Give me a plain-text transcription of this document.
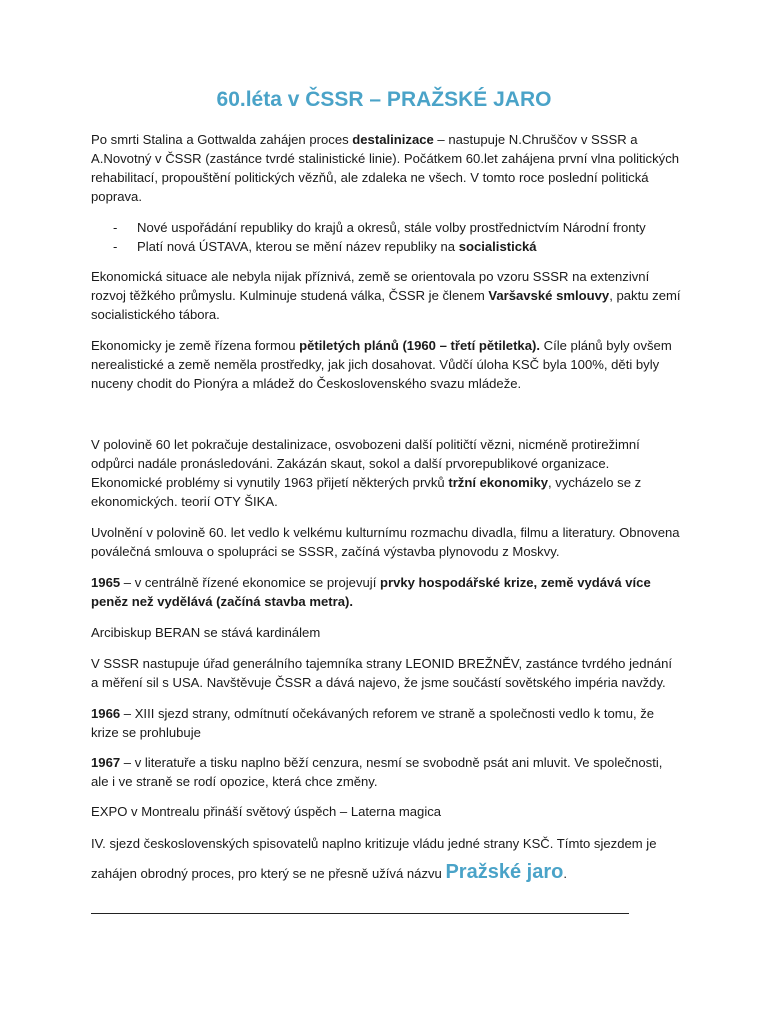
60.léta v ČSSR – PRAŽSKÉ JARO

Po smrti Stalina a Gottwalda zahájen proces destalinizace – nastupuje N.Chruščov v SSSR a A.Novotný v ČSSR (zastánce tvrdé stalinistické linie). Počátkem 60.let zahájena první vlna politických rehabilitací, propouštění politických vězňů, ale zdaleka ne všech. V tomto roce poslední politická poprava.

- Nové uspořádání republiky do krajů a okresů, stále volby prostřednictvím Národní fronty
- Platí nová ÚSTAVA, kterou se mění název republiky na socialistická

Ekonomická situace ale nebyla nijak příznivá, země se orientovala po vzoru SSSR na extenzivní rozvoj těžkého průmyslu. Kulminuje studená válka, ČSSR je členem Varšavské smlouvy, paktu zemí socialistického tábora.

Ekonomicky je země řízena formou pětiletých plánů (1960 – třetí pětiletka). Cíle plánů byly ovšem nerealistické a země neměla prostředky, jak jich dosahovat. Vůdčí úloha KSČ byla 100%, děti byly nuceny chodit do Pionýra a mládež do Československého svazu mládeže.

V polovině 60 let pokračuje destalinizace, osvobozeni další političtí vězni, nicméně protirežimní odpůrci nadále pronásledováni. Zakázán skaut, sokol a další prvorepublikové organizace. Ekonomické problémy si vynutily 1963 přijetí některých prvků tržní ekonomiky, vycházelo se z ekonomických. teorií OTY ŠIKA.

Uvolnění v polovině 60. let vedlo k velkému kulturnímu rozmachu divadla, filmu a literatury. Obnovena poválečná smlouva o spolupráci se SSSR, začíná výstavba plynovodu z Moskvy.

1965 – v centrálně řízené ekonomice se projevují prvky hospodářské krize, země vydává více peněz než vydělává (začíná stavba metra).

Arcibiskup BERAN se stává kardinálem

V SSSR nastupuje úřad generálního tajemníka strany LEONID BREŽNĚV, zastánce tvrdého jednání a měření sil s USA. Navštěvuje ČSSR a dává najevo, že jsme součástí sovětského impéria navždy.

1966 – XIII sjezd strany, odmítnutí očekávaných reforem ve straně a společnosti vedlo k tomu, že krize se prohlubuje

1967 – v literatuře a tisku naplno běží cenzura, nesmí se svobodně psát ani mluvit. Ve společnosti, ale i ve straně se rodí opozice, která chce změny.

EXPO v Montrealu přináší světový úspěch – Laterna magica

IV. sjezd československých spisovatelů naplno kritizuje vládu jedné strany KSČ. Tímto sjezdem je

zahájen obrodný proces, pro který se ne přesně užívá názvu Pražské jaro.
